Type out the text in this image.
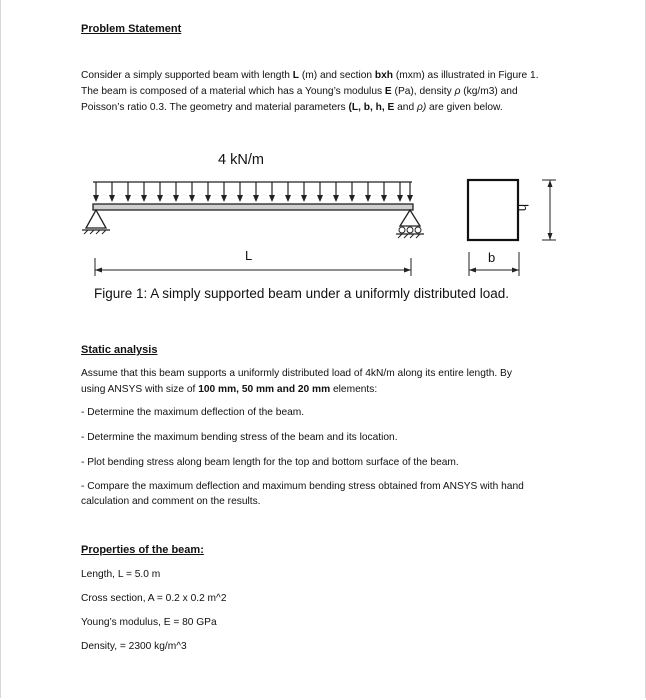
Problem Statement
Consider a simply supported beam with length L (m) and section bxh (mxm) as illustrated in Figure 1.
The beam is composed of a material which has a Young’s modulus E (Pa), density ρ (kg/m3) and
Poisson’s ratio 0.3. The geometry and material parameters (L, b, h, E and ρ) are given below.
4 kN/m
L	b
h
Figure 1: A simply supported beam under a uniformly distributed load.
Static analysis
Assume that this beam supports a uniformly distributed load of 4kN/m along its entire length. By
using ANSYS with size of 100 mm, 50 mm and 20 mm elements:
- Determine the maximum deflection of the beam.
- Determine the maximum bending stress of the beam and its location.
- Plot bending stress along beam length for the top and bottom surface of the beam.
- Compare the maximum deflection and maximum bending stress obtained from ANSYS with hand
calculation and comment on the results.
Properties of the beam:
Length, L = 5.0 m
Cross section, A = 0.2 x 0.2 m^2
Young’s modulus, E = 80 GPa
Density, = 2300 kg/m^3
